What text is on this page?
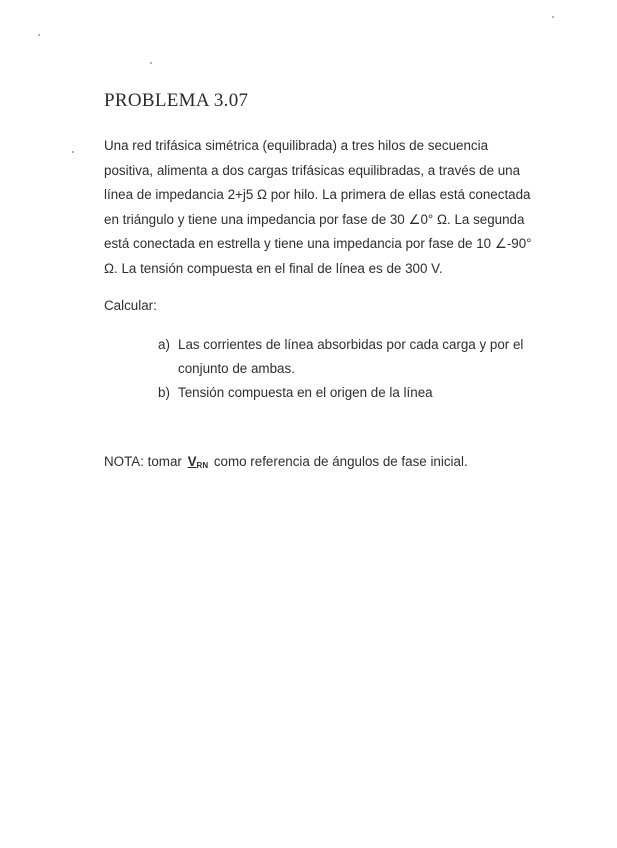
PROBLEMA 3.07

Una red trifásica simétrica (equilibrada) a tres hilos de secuencia
positiva, alimenta a dos cargas trifásicas equilibradas, a través de una
línea de impedancia 2+j5 Ω por hilo. La primera de ellas está conectada
en triángulo y tiene una impedancia por fase de 30 ∠0° Ω. La segunda
está conectada en estrella y tiene una impedancia por fase de 10 ∠-90°
Ω. La tensión compuesta en el final de línea es de 300 V.

Calcular:

a) Las corrientes de línea absorbidas por cada carga y por el
conjunto de ambas.
b) Tensión compuesta en el origen de la línea

NOTA: tomar $V_{RN}$ como referencia de ángulos de fase inicial.
